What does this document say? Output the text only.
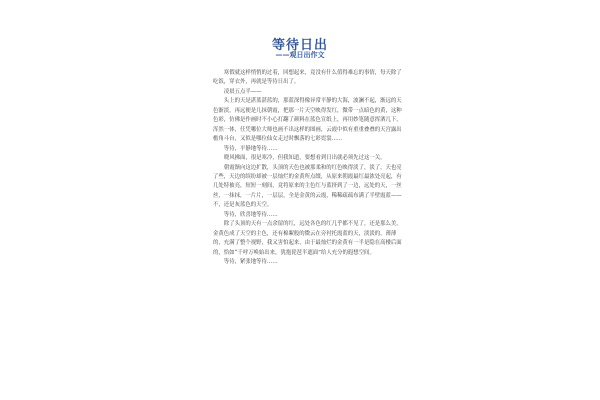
等待日出
——观日出作文

寒假就这样悄悄的过着，回想起来，竟没有什么值得难忘的事情，每天除了吃饭，穿衣外，再就是等待日出了。

凌晨五点半——

头上的天是湛蓝湛蓝的，那蓝深得像异常平静的大海，波澜不起，渐远的天色渐淡，再远便是几抹朝霞，把那一片天空映得发红，微带一点暗色的黄，这种色彩，仿佛是作画时不小心打翻了颜料在蓝色宣纸上，再用妙笔随意挥洒几下，浑然一体，任凭哪位大师也画不出这样的图画，云霞中似有重重叠叠的天宫露出檐角斗台，又似是哪位仙女走过时飘落的七彩霓裳……

等待，平静地等待……

晓风拂面，很是寒冷，但我知道，要想看到日出就必须先过这一关。

朝霞渐向这边扩散，头顶的天色也被那柔和的红色映得淡了，淡了，天也亮了些，天边的缤纷却被一层灿烂的金黄所点缀，从原来朝霞最红最浓处亮起，有几处特被亮，短短一刻间，竟将原来的主色红与蓝挤到了一边，远处的天，一丝丝，一抹抹，一片片，一层层，全是金黄的云霞，稀稀疏疏布满了半壁霞蓝——不，还是灰蓝色的天空。

等待，欣喜地等待……

除了头顶的天有一点余留的红，远处各色的红几乎都不见了，还是那么美，金黄色成了天空的主色，还有棉絮般的微云在旁衬托霞蓝的天，淡淡的，薄薄的，充满了整个视野，我又害怕起来，由于最灿烂的金黄有一半是隐在高楼后面的，恰如“千呼万唤始出来，犹抱琵琶半遮面”给人充分的遐想空间。

等待，紧张地等待……
